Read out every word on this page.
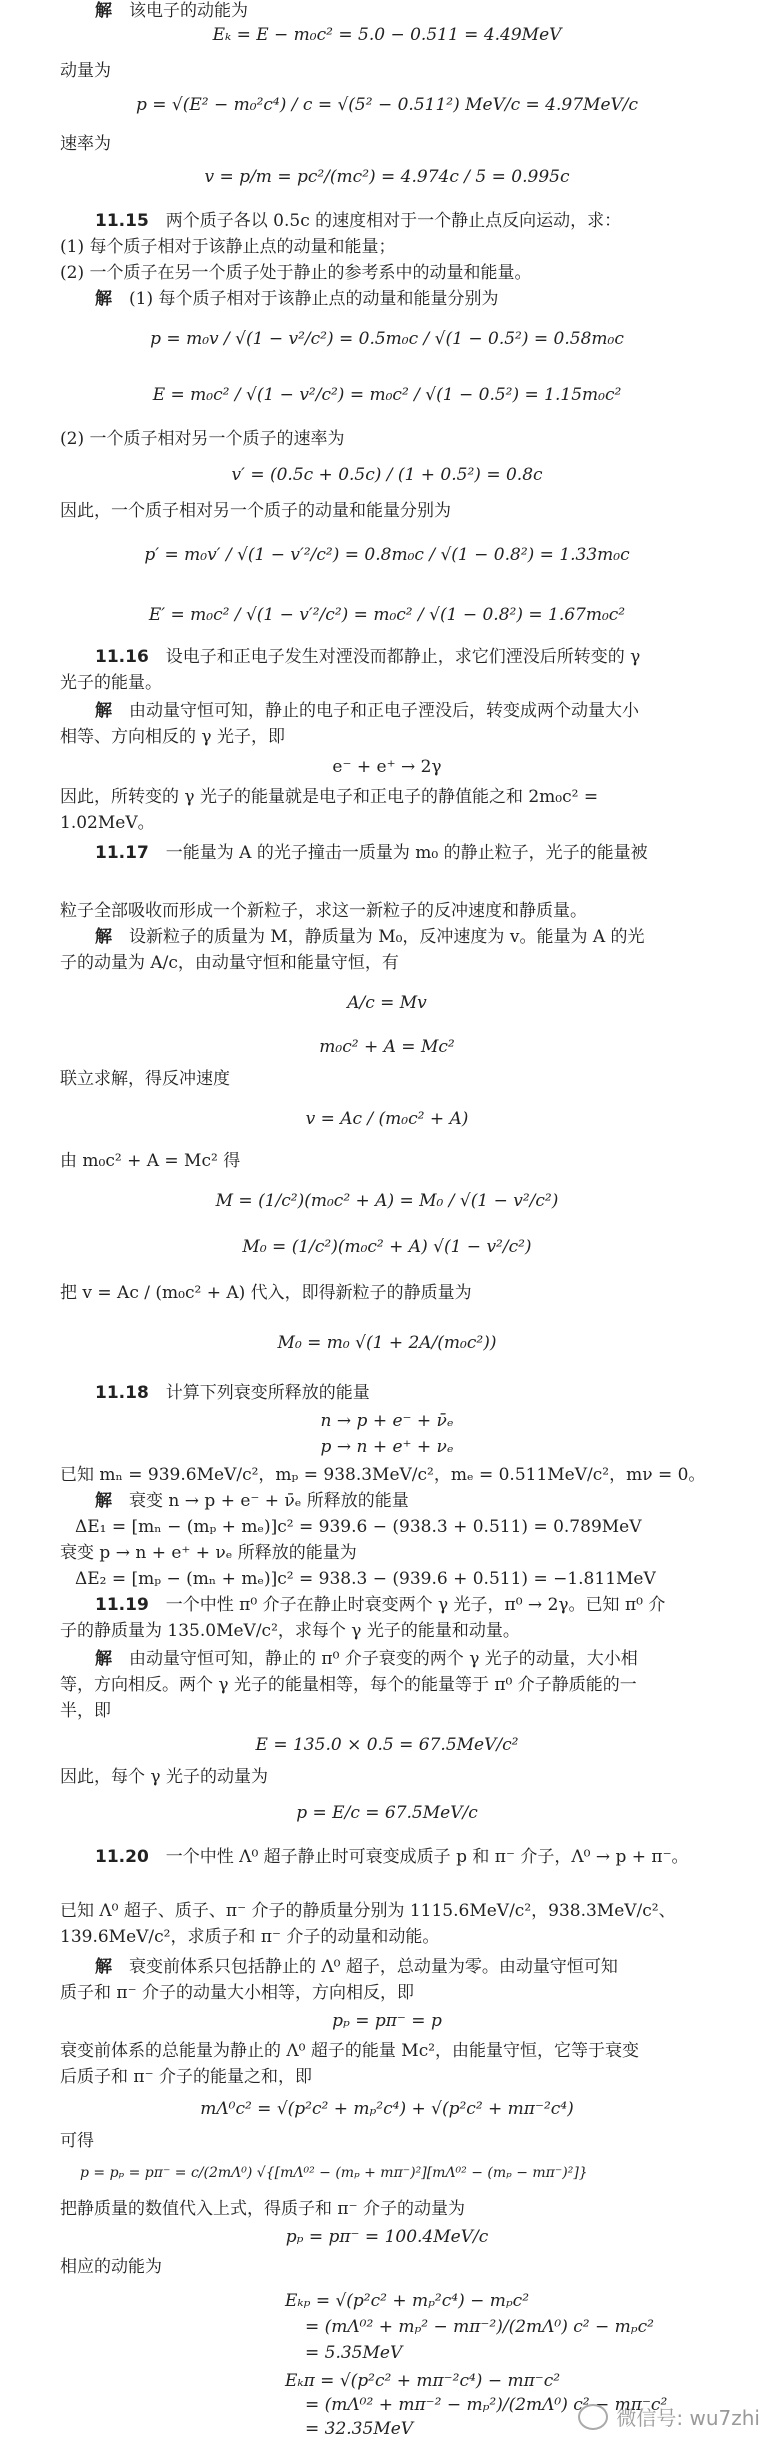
解　该电子的动能为
Eₖ = E − m₀c² = 5.0 − 0.511 = 4.49MeV
动量为
p = √(E² − m₀²c⁴) / c = √(5² − 0.511²) MeV/c = 4.97MeV/c
速率为
v = p/m = pc²/(mc²) = 4.974c / 5 = 0.995c
11.15　两个质子各以 0.5c 的速度相对于一个静止点反向运动，求：
(1) 每个质子相对于该静止点的动量和能量；
(2) 一个质子在另一个质子处于静止的参考系中的动量和能量。
解　(1) 每个质子相对于该静止点的动量和能量分别为
p = m₀v / √(1 − v²/c²) = 0.5m₀c / √(1 − 0.5²) = 0.58m₀c
E = m₀c² / √(1 − v²/c²) = m₀c² / √(1 − 0.5²) = 1.15m₀c²
(2) 一个质子相对另一个质子的速率为
v′ = (0.5c + 0.5c) / (1 + 0.5²) = 0.8c
因此，一个质子相对另一个质子的动量和能量分别为
p′ = m₀v′ / √(1 − v′²/c²) = 0.8m₀c / √(1 − 0.8²) = 1.33m₀c
E′ = m₀c² / √(1 − v′²/c²) = m₀c² / √(1 − 0.8²) = 1.67m₀c²
11.16　设电子和正电子发生对湮没而都静止，求它们湮没后所转变的 γ
光子的能量。
解　由动量守恒可知，静止的电子和正电子湮没后，转变成两个动量大小
相等、方向相反的 γ 光子，即
e⁻ + e⁺ → 2γ
因此，所转变的 γ 光子的能量就是电子和正电子的静值能之和 2m₀c² =
1.02MeV。
11.17　一能量为 A 的光子撞击一质量为 m₀ 的静止粒子，光子的能量被
粒子全部吸收而形成一个新粒子，求这一新粒子的反冲速度和静质量。
解　设新粒子的质量为 M，静质量为 M₀，反冲速度为 v。能量为 A 的光
子的动量为 A/c，由动量守恒和能量守恒，有
A/c = Mv
m₀c² + A = Mc²
联立求解，得反冲速度
v = Ac / (m₀c² + A)
由 m₀c² + A = Mc² 得
M = (1/c²)(m₀c² + A) = M₀ / √(1 − v²/c²)
M₀ = (1/c²)(m₀c² + A) √(1 − v²/c²)
把 v = Ac / (m₀c² + A) 代入，即得新粒子的静质量为
M₀ = m₀ √(1 + 2A/(m₀c²))
11.18　计算下列衰变所释放的能量
n → p + e⁻ + ν̄ₑ
p → n + e⁺ + νₑ
已知 mₙ = 939.6MeV/c²，mₚ = 938.3MeV/c²，mₑ = 0.511MeV/c²，mν = 0。
解　衰变 n → p + e⁻ + ν̄ₑ 所释放的能量
ΔE₁ = [mₙ − (mₚ + mₑ)]c² = 939.6 − (938.3 + 0.511) = 0.789MeV
衰变 p → n + e⁺ + νₑ 所释放的能量为
ΔE₂ = [mₚ − (mₙ + mₑ)]c² = 938.3 − (939.6 + 0.511) = −1.811MeV
11.19　一个中性 π⁰ 介子在静止时衰变两个 γ 光子，π⁰ → 2γ。已知 π⁰ 介
子的静质量为 135.0MeV/c²，求每个 γ 光子的能量和动量。
解　由动量守恒可知，静止的 π⁰ 介子衰变的两个 γ 光子的动量，大小相
等，方向相反。两个 γ 光子的能量相等，每个的能量等于 π⁰ 介子静质能的一
半，即
E = 135.0 × 0.5 = 67.5MeV/c²
因此，每个 γ 光子的动量为
p = E/c = 67.5MeV/c
11.20　一个中性 Λ⁰ 超子静止时可衰变成质子 p 和 π⁻ 介子，Λ⁰ → p + π⁻。
已知 Λ⁰ 超子、质子、π⁻ 介子的静质量分别为 1115.6MeV/c²，938.3MeV/c²、
139.6MeV/c²，求质子和 π⁻ 介子的动量和动能。
解　衰变前体系只包括静止的 Λ⁰ 超子，总动量为零。由动量守恒可知
质子和 π⁻ 介子的动量大小相等，方向相反，即
pₚ = pπ⁻ = p
衰变前体系的总能量为静止的 Λ⁰ 超子的能量 Mc²，由能量守恒，它等于衰变
后质子和 π⁻ 介子的能量之和，即
mΛ⁰c² = √(p²c² + mₚ²c⁴) + √(p²c² + mπ⁻²c⁴)
可得
p = pₚ = pπ⁻ = c/(2mΛ⁰) √{[mΛ⁰² − (mₚ + mπ⁻)²][mΛ⁰² − (mₚ − mπ⁻)²]}
把静质量的数值代入上式，得质子和 π⁻ 介子的动量为
pₚ = pπ⁻ = 100.4MeV/c
相应的动能为
Eₖₚ = √(p²c² + mₚ²c⁴) − mₚc²
= (mΛ⁰² + mₚ² − mπ⁻²)/(2mΛ⁰) c² − mₚc²
= 5.35MeV
Eₖπ = √(p²c² + mπ⁻²c⁴) − mπ⁻c²
= (mΛ⁰² + mπ⁻² − mₚ²)/(2mΛ⁰) c² − mπ⁻c²
= 32.35MeV	微信号: wu7zhi
